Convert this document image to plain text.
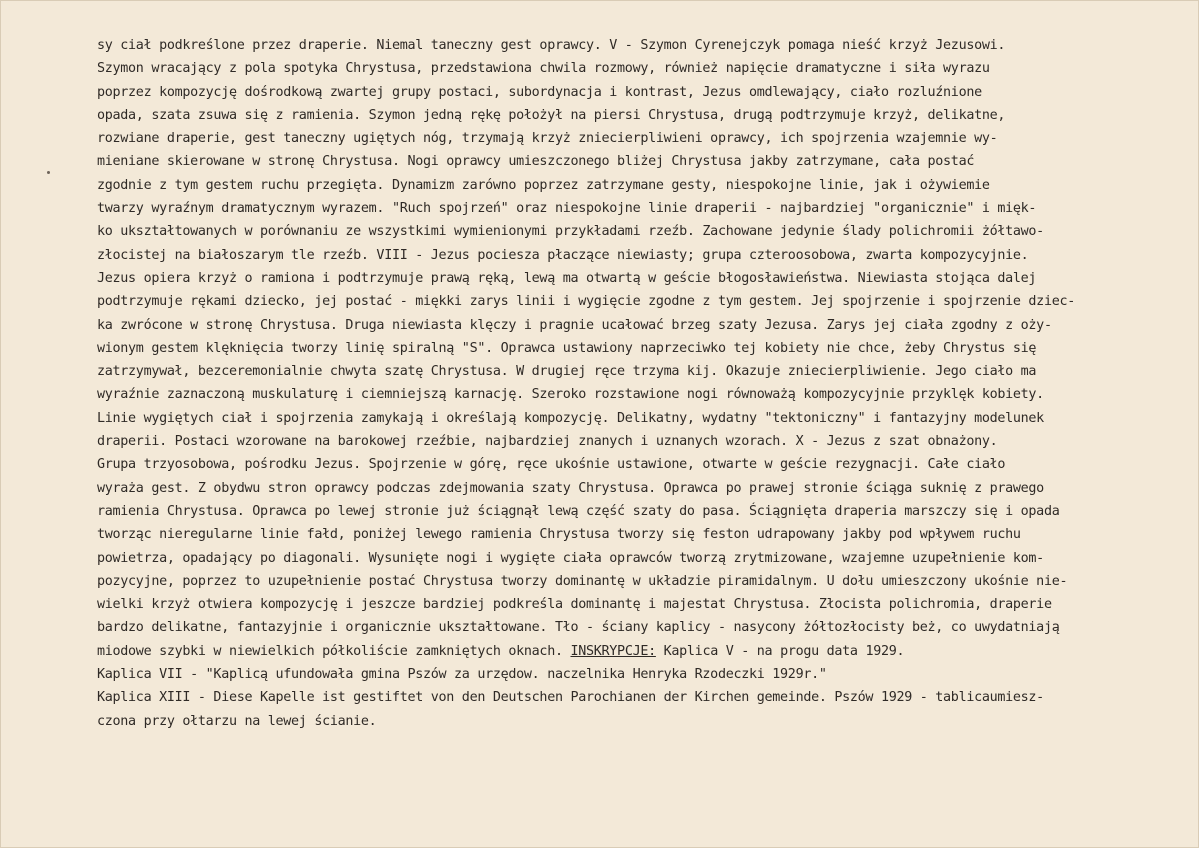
sy ciał podkreślone przez draperie. Niemal taneczny gest oprawcy. V - Szymon Cyrenejczyk pomaga nieść krzyż Jezusowi.
Szymon wracający z pola spotyka Chrystusa, przedstawiona chwila rozmowy, również napięcie dramatyczne i siła wyrazu
poprzez kompozycję dośrodkową zwartej grupy postaci, subordynacja i kontrast, Jezus omdlewający, ciało rozluźnione
opada, szata zsuwa się z ramienia. Szymon jedną rękę położył na piersi Chrystusa, drugą podtrzymuje krzyż, delikatne,
rozwiane draperie, gest taneczny ugiętych nóg, trzymają krzyż zniecierpliwieni oprawcy, ich spojrzenia wzajemnie wy-
mieniane skierowane w stronę Chrystusa. Nogi oprawcy umieszczonego bliżej Chrystusa jakby zatrzymane, cała postać
zgodnie z tym gestem ruchu przegięta. Dynamizm zarówno poprzez zatrzymane gesty, niespokojne linie, jak i ożywiemie
twarzy wyraźnym dramatycznym wyrazem. "Ruch spojrzeń" oraz niespokojne linie draperii - najbardziej "organicznie" i mięk-
ko ukształtowanych w porównaniu ze wszystkimi wymienionymi przykładami rzeźb. Zachowane jedynie ślady polichromii żółtawo-
złocistej na białoszarym tle rzeźb. VIII - Jezus pociesza płaczące niewiasty; grupa czteroosobowa, zwarta kompozycyjnie.
Jezus opiera krzyż o ramiona i podtrzymuje prawą ręką, lewą ma otwartą w geście błogosławieństwa. Niewiasta stojąca dalej
podtrzymuje rękami dziecko, jej postać - miękki zarys linii i wygięcie zgodne z tym gestem. Jej spojrzenie i spojrzenie dziec-
ka zwrócone w stronę Chrystusa. Druga niewiasta klęczy i pragnie ucałować brzeg szaty Jezusa. Zarys jej ciała zgodny z oży-
wionym gestem klęknięcia tworzy linię spiralną "S". Oprawca ustawiony naprzeciwko tej kobiety nie chce, żeby Chrystus się
zatrzymywał, bezceremonialnie chwyta szatę Chrystusa. W drugiej ręce trzyma kij. Okazuje zniecierpliwienie. Jego ciało ma
wyraźnie zaznaczoną muskulaturę i ciemniejszą karnację. Szeroko rozstawione nogi równoważą kompozycyjnie przyklęk kobiety.
Linie wygiętych ciał i spojrzenia zamykają i określają kompozycję. Delikatny, wydatny "tektoniczny" i fantazyjny modelunek
draperii. Postaci wzorowane na barokowej rzeźbie, najbardziej znanych i uznanych wzorach. X - Jezus z szat obnażony.
Grupa trzyosobowa, pośrodku Jezus. Spojrzenie w górę, ręce ukośnie ustawione, otwarte w geście rezygnacji. Całe ciało
wyraża gest. Z obydwu stron oprawcy podczas zdejmowania szaty Chrystusa. Oprawca po prawej stronie ściąga suknię z prawego
ramienia Chrystusa. Oprawca po lewej stronie już ściągnął lewą część szaty do pasa. Ściągnięta draperia marszczy się i opada
tworząc nieregularne linie fałd, poniżej lewego ramienia Chrystusa tworzy się feston udrapowany jakby pod wpływem ruchu
powietrza, opadający po diagonali. Wysunięte nogi i wygięte ciała oprawców tworzą zrytmizowane, wzajemne uzupełnienie kom-
pozycyjne, poprzez to uzupełnienie postać Chrystusa tworzy dominantę w układzie piramidalnym. U dołu umieszczony ukośnie nie-
wielki krzyż otwiera kompozycję i jeszcze bardziej podkreśla dominantę i majestat Chrystusa. Złocista polichromia, draperie
bardzo delikatne, fantazyjnie i organicznie ukształtowane. Tło - ściany kaplicy - nasycony żółtozłocisty beż, co uwydatniają
miodowe szybki w niewielkich półkoliście zamkniętych oknach. INSKRYPCJE: Kaplica V - na progu data 1929.
Kaplica VII - "Kaplicą ufundowała gmina Pszów za urzędow. naczelnika Henryka Rzodeczki 1929r."
Kaplica XIII - Diese Kapelle ist gestiftet von den Deutschen Parochianen der Kirchen gemeinde. Pszów 1929 - tablicaumiesz-
czona przy ołtarzu na lewej ścianie.
